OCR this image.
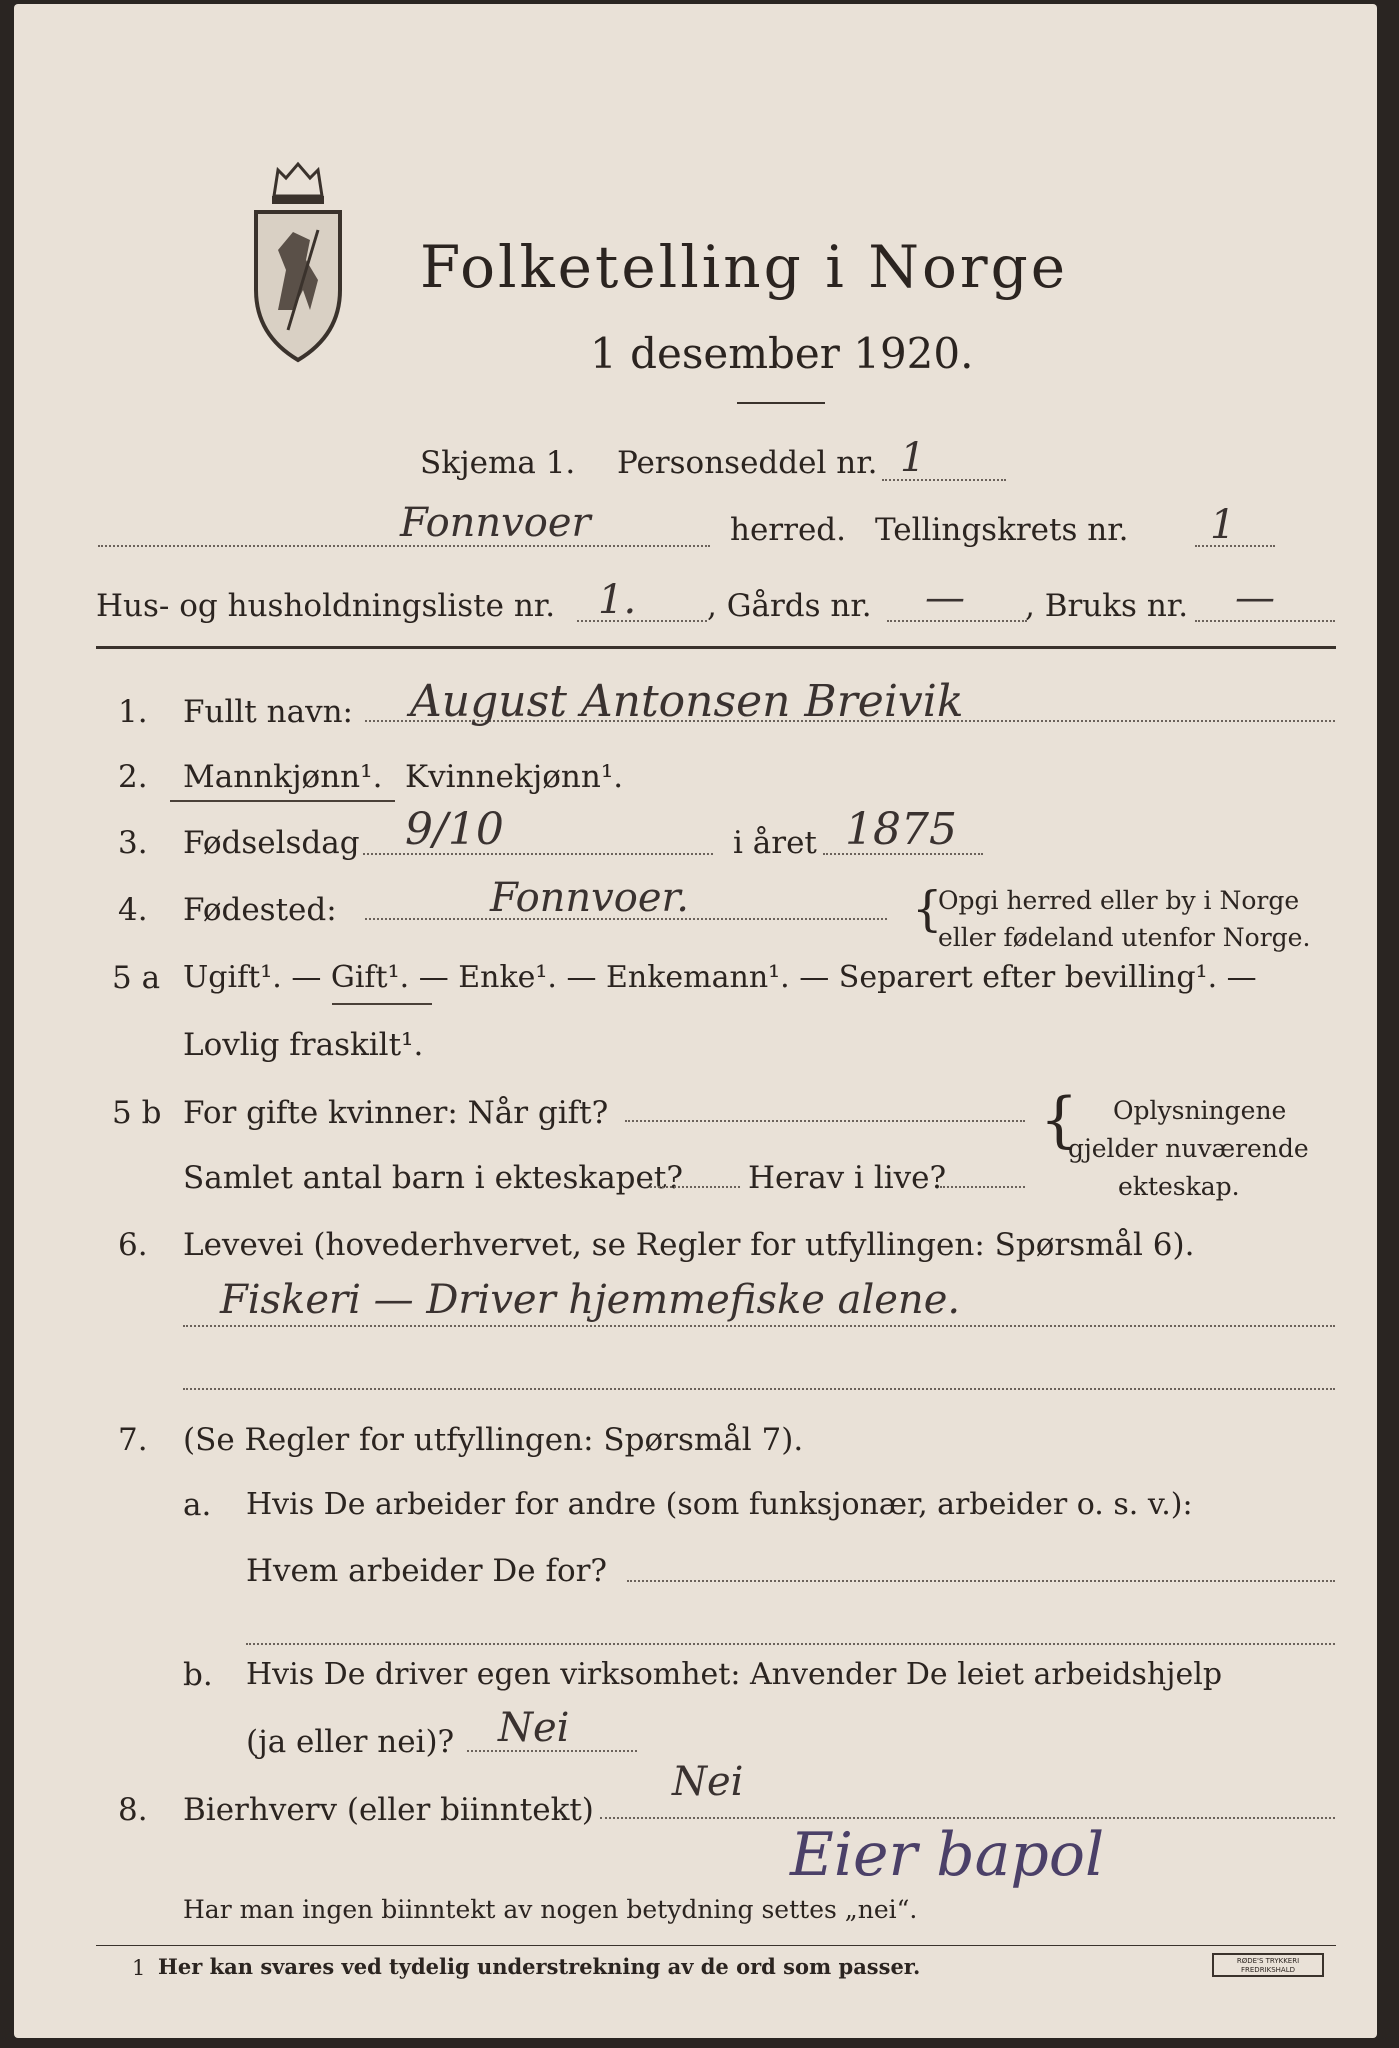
Folketelling i Norge
1 desember 1920.
Skjema 1. Personseddel nr. 1
Fonnvoer	herred. Tellingskrets nr. 1
Hus- og husholdningsliste nr. 1. , Gårds nr. — , Bruks nr. —
1. Fullt navn: August Antonsen Breivik
2. Mannkjønn¹. Kvinnekjønn¹.
3. Fødselsdag 9/10	i året 1875
4. Fødested:	Fonnvoer.	{
Opgi herred eller by i Norge
eller fødeland utenfor Norge.
5 a Ugift¹. — Gift¹. — Enke¹. — Enkemann¹. — Separert efter bevilling¹. —
Lovlig fraskilt¹.
5 b For gifte kvinner: Når gift?
Samlet antal barn i ekteskapet? Herav i live?
{ Oplysningene
gjelder nuværende
ekteskap.
6. Levevei (hovederhvervet, se Regler for utfyllingen: Spørsmål 6).
Fiskeri — Driver hjemmefiske alene.
7. (Se Regler for utfyllingen: Spørsmål 7).
a. Hvis De arbeider for andre (som funksjonær, arbeider o. s. v.):
Hvem arbeider De for?
b. Hvis De driver egen virksomhet: Anvender De leiet arbeidshjelp
(ja eller nei)? Nei
8. Bierhverv (eller biinntekt)
Nei
Eier bapol
Har man ingen biinntekt av nogen betydning settes „nei“.
1 Her kan svares ved tydelig understrekning av de ord som passer.	RØDE'S TRYKKERI FREDRIKSHALD
